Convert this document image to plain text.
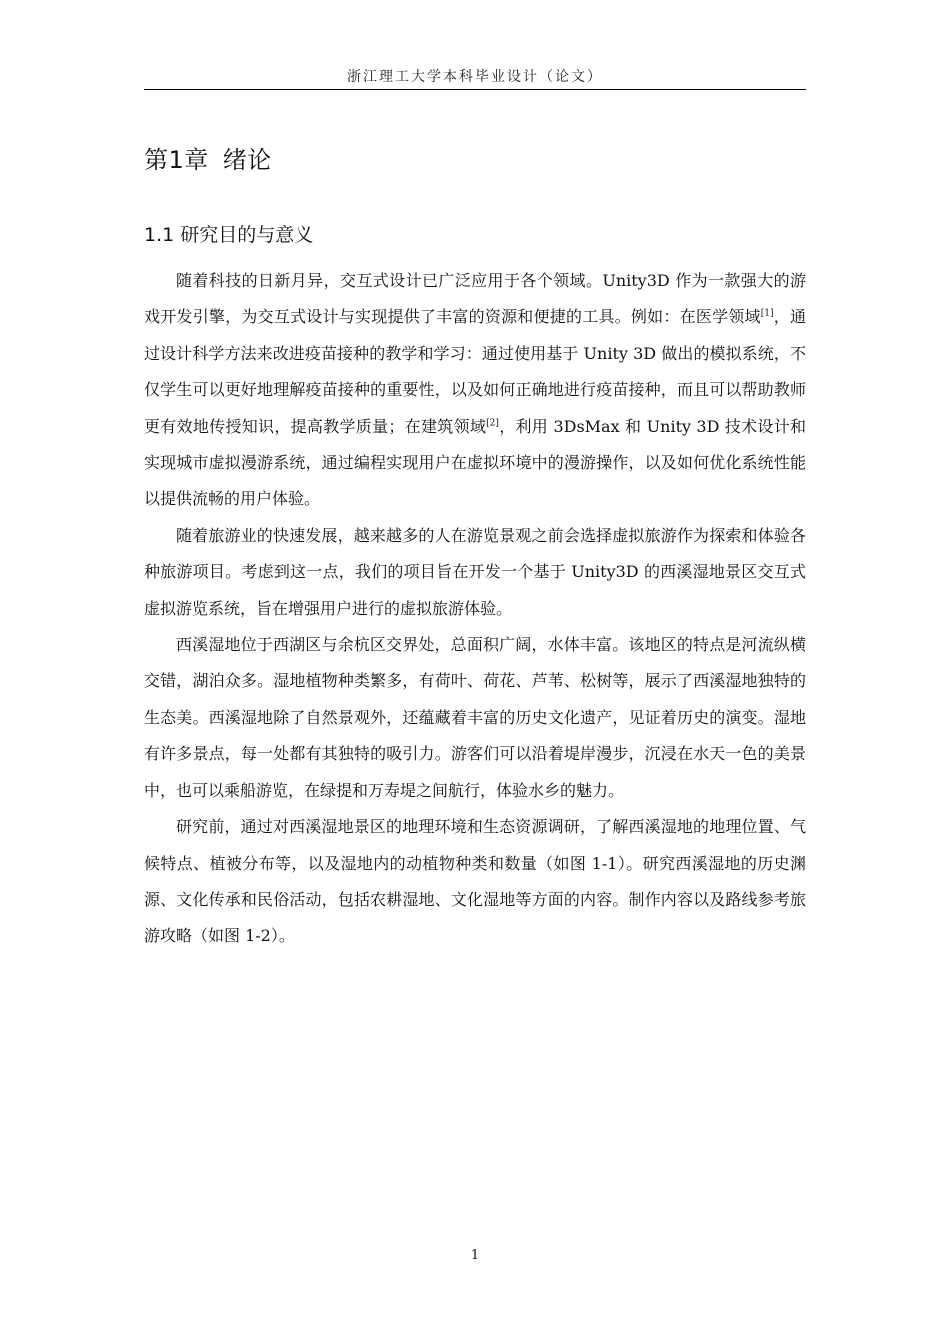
浙江理工大学本科毕业设计（论文）
第1章 绪论
1.1 研究目的与意义

随着科技的日新月异，交互式设计已广泛应用于各个领域。Unity3D 作为一款强大的游戏开发引擎，为交互式设计与实现提供了丰富的资源和便捷的工具。例如：在医学领域[1]，通过设计科学方法来改进疫苗接种的教学和学习：通过使用基于 Unity 3D 做出的模拟系统，不仅学生可以更好地理解疫苗接种的重要性，以及如何正确地进行疫苗接种，而且可以帮助教师更有效地传授知识，提高教学质量；在建筑领域[2]，利用 3DsMax 和 Unity 3D 技术设计和实现城市虚拟漫游系统，通过编程实现用户在虚拟环境中的漫游操作，以及如何优化系统性能以提供流畅的用户体验。

随着旅游业的快速发展，越来越多的人在游览景观之前会选择虚拟旅游作为探索和体验各种旅游项目。考虑到这一点，我们的项目旨在开发一个基于 Unity3D 的西溪湿地景区交互式虚拟游览系统，旨在增强用户进行的虚拟旅游体验。

西溪湿地位于西湖区与余杭区交界处，总面积广阔，水体丰富。该地区的特点是河流纵横交错，湖泊众多。湿地植物种类繁多，有荷叶、荷花、芦苇、松树等，展示了西溪湿地独特的生态美。西溪湿地除了自然景观外，还蕴藏着丰富的历史文化遗产，见证着历史的演变。湿地有许多景点，每一处都有其独特的吸引力。游客们可以沿着堤岸漫步，沉浸在水天一色的美景中，也可以乘船游览，在绿提和万寿堤之间航行，体验水乡的魅力。

研究前，通过对西溪湿地景区的地理环境和生态资源调研，了解西溪湿地的地理位置、气候特点、植被分布等，以及湿地内的动植物种类和数量（如图 1-1）。研究西溪湿地的历史渊源、文化传承和民俗活动，包括农耕湿地、文化湿地等方面的内容。制作内容以及路线参考旅游攻略（如图 1-2）。

1
